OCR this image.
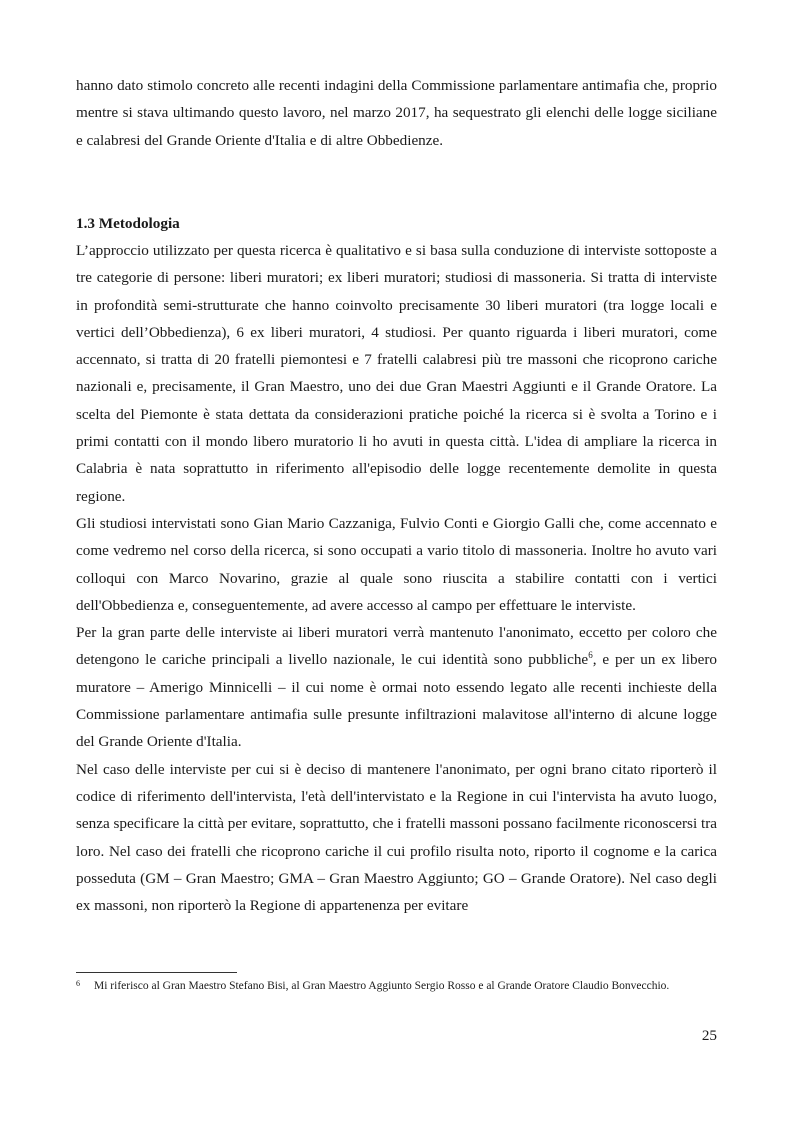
hanno dato stimolo concreto alle recenti indagini della Commissione parlamentare antimafia che, proprio mentre si stava ultimando questo lavoro, nel marzo 2017, ha sequestrato gli elenchi delle logge siciliane e calabresi del Grande Oriente d'Italia e di altre Obbedienze.

1.3 Metodologia

L’approccio utilizzato per questa ricerca è qualitativo e si basa sulla conduzione di interviste sottoposte a tre categorie di persone: liberi muratori; ex liberi muratori; studiosi di massoneria. Si tratta di interviste in profondità semi-strutturate che hanno coinvolto precisamente 30 liberi muratori (tra logge locali e vertici dell’Obbedienza), 6 ex liberi muratori, 4 studiosi. Per quanto riguarda i liberi muratori, come accennato, si tratta di 20 fratelli piemontesi e 7 fratelli calabresi più tre massoni che ricoprono cariche nazionali e, precisamente, il Gran Maestro, uno dei due Gran Maestri Aggiunti e il Grande Oratore. La scelta del Piemonte è stata dettata da considerazioni pratiche poiché la ricerca si è svolta a Torino e i primi contatti con il mondo libero muratorio li ho avuti in questa città. L'idea di ampliare la ricerca in Calabria è nata soprattutto in riferimento all'episodio delle logge recentemente demolite in questa regione.

Gli studiosi intervistati sono Gian Mario Cazzaniga, Fulvio Conti e Giorgio Galli che, come accennato e come vedremo nel corso della ricerca, si sono occupati a vario titolo di massoneria. Inoltre ho avuto vari colloqui con Marco Novarino, grazie al quale sono riuscita a stabilire contatti con i vertici dell'Obbedienza e, conseguentemente, ad avere accesso al campo per effettuare le interviste.

Per la gran parte delle interviste ai liberi muratori verrà mantenuto l'anonimato, eccetto per coloro che detengono le cariche principali a livello nazionale, le cui identità sono pubbliche$^6$, e per un ex libero muratore – Amerigo Minnicelli – il cui nome è ormai noto essendo legato alle recenti inchieste della Commissione parlamentare antimafia sulle presunte infiltrazioni malavitose all'interno di alcune logge del Grande Oriente d'Italia.

Nel caso delle interviste per cui si è deciso di mantenere l'anonimato, per ogni brano citato riporterò il codice di riferimento dell'intervista, l'età dell'intervistato e la Regione in cui l'intervista ha avuto luogo, senza specificare la città per evitare, soprattutto, che i fratelli massoni possano facilmente riconoscersi tra loro. Nel caso dei fratelli che ricoprono cariche il cui profilo risulta noto, riporto il cognome e la carica posseduta (GM – Gran Maestro; GMA – Gran Maestro Aggiunto; GO – Grande Oratore). Nel caso degli ex massoni, non riporterò la Regione di appartenenza per evitare

6 Mi riferisco al Gran Maestro Stefano Bisi, al Gran Maestro Aggiunto Sergio Rosso e al Grande Oratore Claudio Bonvecchio.
25
